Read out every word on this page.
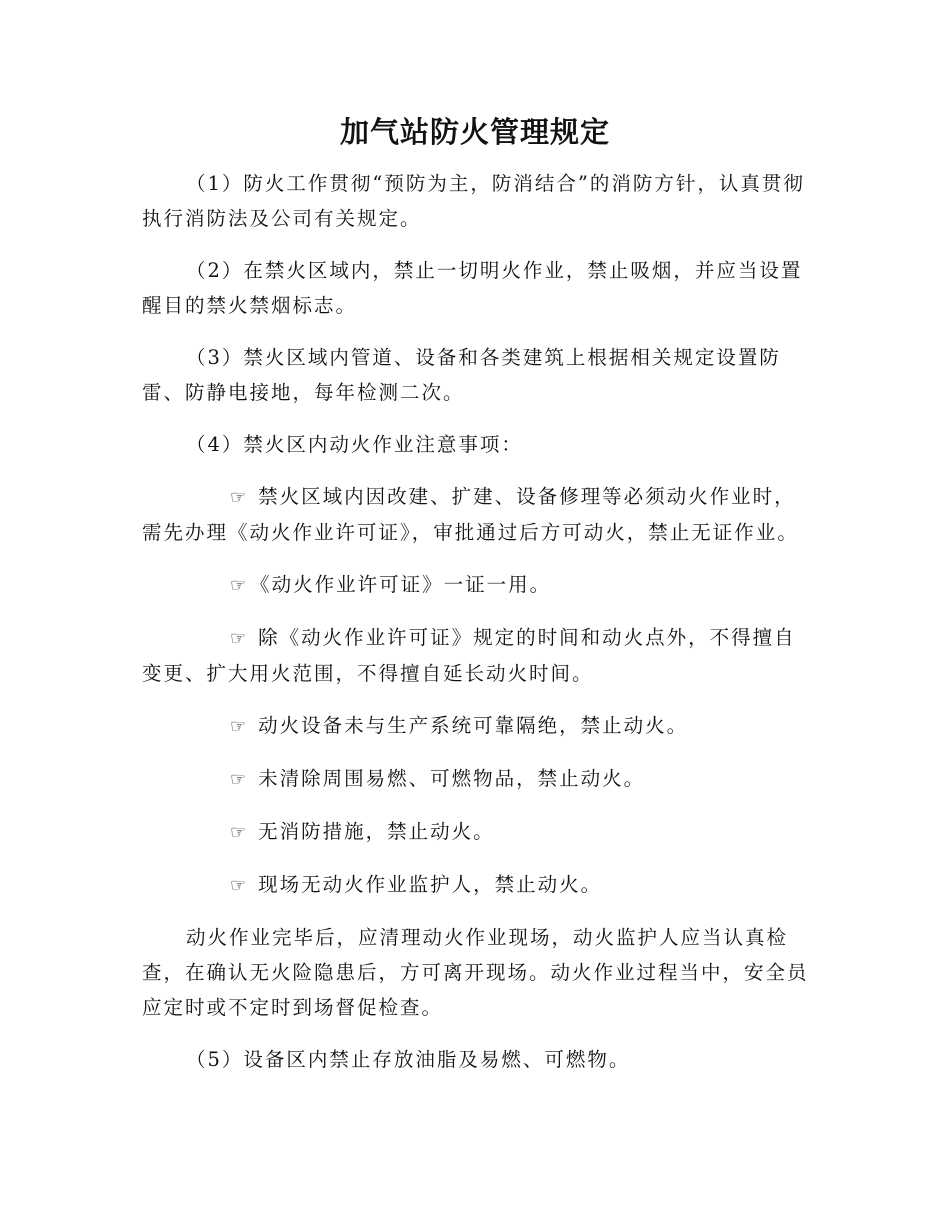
加气站防火管理规定

（1）防火工作贯彻“预防为主，防消结合”的消防方针，认真贯彻执行消防法及公司有关规定。

（2）在禁火区域内，禁止一切明火作业，禁止吸烟，并应当设置醒目的禁火禁烟标志。

（3）禁火区域内管道、设备和各类建筑上根据相关规定设置防雷、防静电接地，每年检测二次。

（4）禁火区内动火作业注意事项：

☞ 禁火区域内因改建、扩建、设备修理等必须动火作业时，需先办理《动火作业许可证》，审批通过后方可动火，禁止无证作业。

☞ 《动火作业许可证》一证一用。

☞ 除《动火作业许可证》规定的时间和动火点外，不得擅自变更、扩大用火范围，不得擅自延长动火时间。

☞ 动火设备未与生产系统可靠隔绝，禁止动火。

☞ 未清除周围易燃、可燃物品，禁止动火。

☞ 无消防措施，禁止动火。

☞ 现场无动火作业监护人，禁止动火。

动火作业完毕后，应清理动火作业现场，动火监护人应当认真检查，在确认无火险隐患后，方可离开现场。动火作业过程当中，安全员应定时或不定时到场督促检查。

（5）设备区内禁止存放油脂及易燃、可燃物。
